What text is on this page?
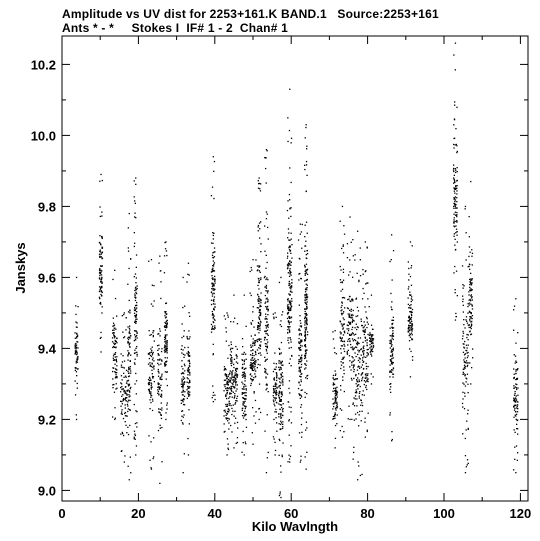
Amplitude vs UV dist for 2253+161.K BAND.1   Source:2253+161
Ants * - *     Stokes I  IF# 1 - 2  Chan# 1
0	20	40	60	80	100	120
9.0
9.2
9.4
9.6
9.8
10.0
10.2
Kilo Wavlngth
Janskys
